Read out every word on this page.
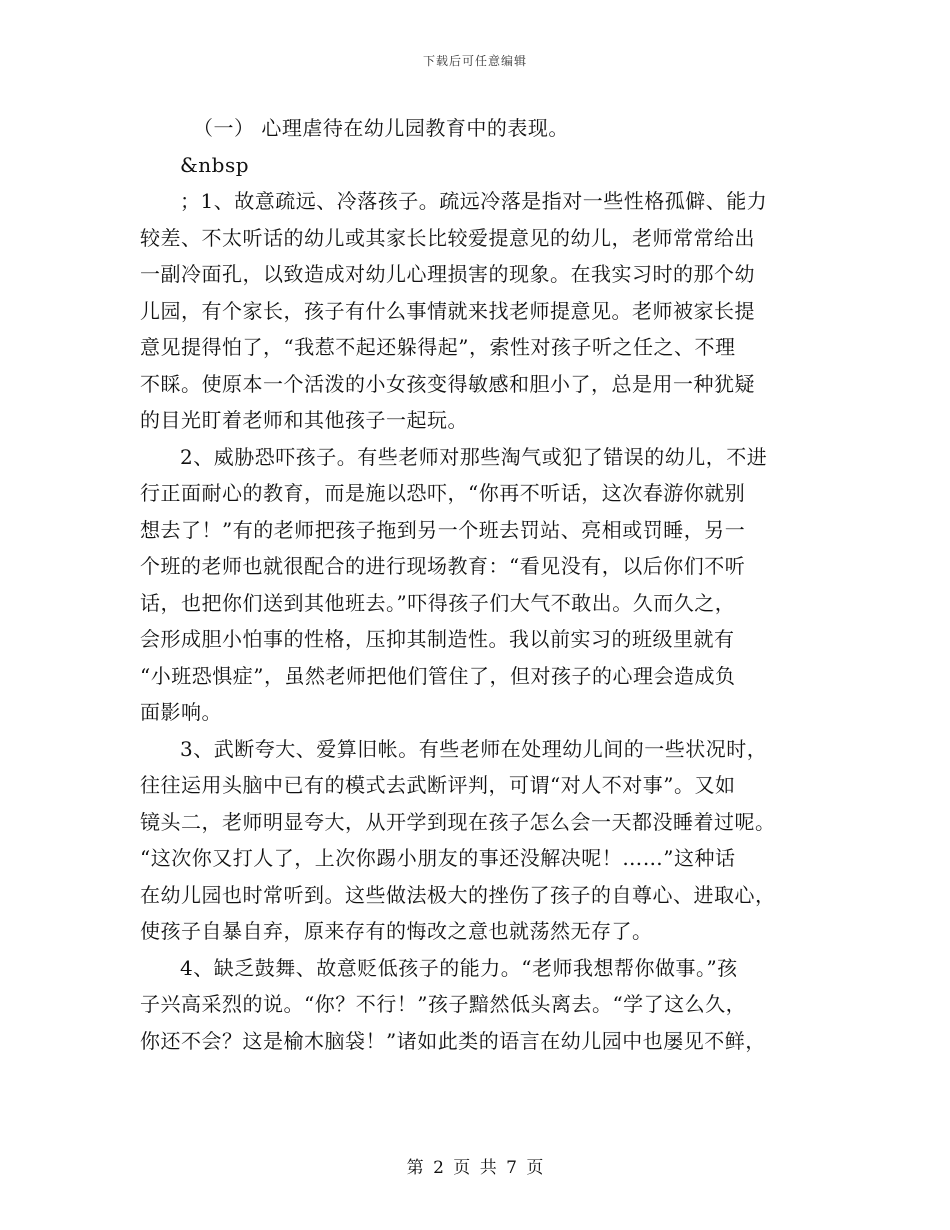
下载后可任意编辑
（一） 心理虐待在幼儿园教育中的表现。
&nbsp
；1、故意疏远、冷落孩子。疏远冷落是指对一些性格孤僻、能力
较差、不太听话的幼儿或其家长比较爱提意见的幼儿，老师常常给出
一副冷面孔，以致造成对幼儿心理损害的现象。在我实习时的那个幼
儿园，有个家长，孩子有什么事情就来找老师提意见。老师被家长提
意见提得怕了，“我惹不起还躲得起”，索性对孩子听之任之、不理
不睬。使原本一个活泼的小女孩变得敏感和胆小了，总是用一种犹疑
的目光盯着老师和其他孩子一起玩。
2、威胁恐吓孩子。有些老师对那些淘气或犯了错误的幼儿，不进
行正面耐心的教育，而是施以恐吓，“你再不听话，这次春游你就别
想去了！”有的老师把孩子拖到另一个班去罚站、亮相或罚睡，另一
个班的老师也就很配合的进行现场教育：“看见没有，以后你们不听
话，也把你们送到其他班去。”吓得孩子们大气不敢出。久而久之，
会形成胆小怕事的性格，压抑其制造性。我以前实习的班级里就有
“小班恐惧症”，虽然老师把他们管住了，但对孩子的心理会造成负
面影响。
3、武断夸大、爱算旧帐。有些老师在处理幼儿间的一些状况时，
往往运用头脑中已有的模式去武断评判，可谓“对人不对事”。又如
镜头二，老师明显夸大，从开学到现在孩子怎么会一天都没睡着过呢。
“这次你又打人了，上次你踢小朋友的事还没解决呢！……”这种话
在幼儿园也时常听到。这些做法极大的挫伤了孩子的自尊心、进取心，
使孩子自暴自弃，原来存有的悔改之意也就荡然无存了。
4、缺乏鼓舞、故意贬低孩子的能力。“老师我想帮你做事。”孩
子兴高采烈的说。“你？不行！”孩子黯然低头离去。“学了这么久，
你还不会？这是榆木脑袋！”诸如此类的语言在幼儿园中也屡见不鲜，
第 2 页 共 7 页
